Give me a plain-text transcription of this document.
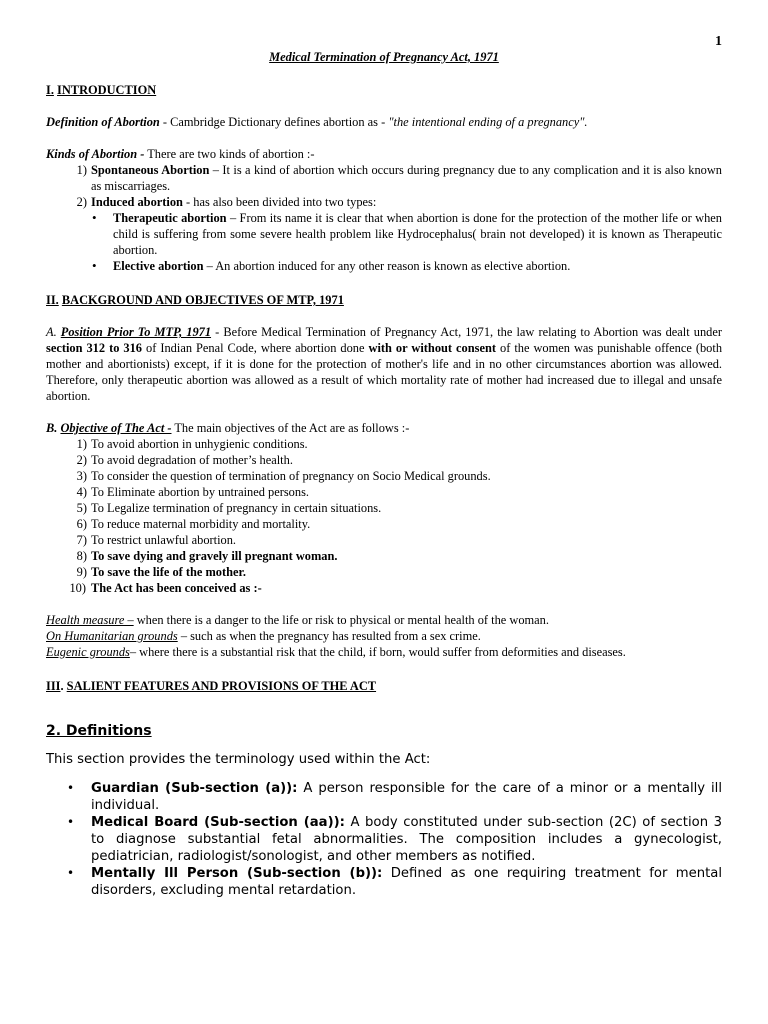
1

Medical Termination of Pregnancy Act, 1971

I. INTRODUCTION

Definition of Abortion - Cambridge Dictionary defines abortion as - "the intentional ending of a pregnancy".

Kinds of Abortion - There are two kinds of abortion :-

1) Spontaneous Abortion – It is a kind of abortion which occurs during pregnancy due to any complication and it is also known as miscarriages.
2) Induced abortion - has also been divided into two types:
• Therapeutic abortion – From its name it is clear that when abortion is done for the protection of the mother life or when child is suffering from some severe health problem like Hydrocephalus( brain not developed) it is known as Therapeutic abortion.
• Elective abortion – An abortion induced for any other reason is known as elective abortion.

II. BACKGROUND AND OBJECTIVES OF MTP, 1971

A. Position Prior To MTP, 1971 - Before Medical Termination of Pregnancy Act, 1971, the law relating to Abortion was dealt under section 312 to 316 of Indian Penal Code, where abortion done with or without consent of the women was punishable offence (both mother and abortionists) except, if it is done for the protection of mother's life and in no other circumstances abortion was allowed. Therefore, only therapeutic abortion was allowed as a result of which mortality rate of mother had increased due to illegal and unsafe abortion.

B. Objective of The Act - The main objectives of the Act are as follows :-

1) To avoid abortion in unhygienic conditions.
2) To avoid degradation of mother’s health.
3) To consider the question of termination of pregnancy on Socio Medical grounds.
4) To Eliminate abortion by untrained persons.
5) To Legalize termination of pregnancy in certain situations.
6) To reduce maternal morbidity and mortality.
7) To restrict unlawful abortion.
8) To save dying and gravely ill pregnant woman.
9) To save the life of the mother.
10) The Act has been conceived as :-

Health measure – when there is a danger to the life or risk to physical or mental health of the woman.

On Humanitarian grounds – such as when the pregnancy has resulted from a sex crime.

Eugenic grounds– where there is a substantial risk that the child, if born, would suffer from deformities and diseases.

III. SALIENT FEATURES AND PROVISIONS OF THE ACT

2. Definitions

This section provides the terminology used within the Act:

• Guardian (Sub-section (a)): A person responsible for the care of a minor or a mentally ill individual.
• Medical Board (Sub-section (aa)): A body constituted under sub-section (2C) of section 3 to diagnose substantial fetal abnormalities. The composition includes a gynecologist, pediatrician, radiologist/sonologist, and other members as notified.
• Mentally Ill Person (Sub-section (b)): Defined as one requiring treatment for mental disorders, excluding mental retardation.
